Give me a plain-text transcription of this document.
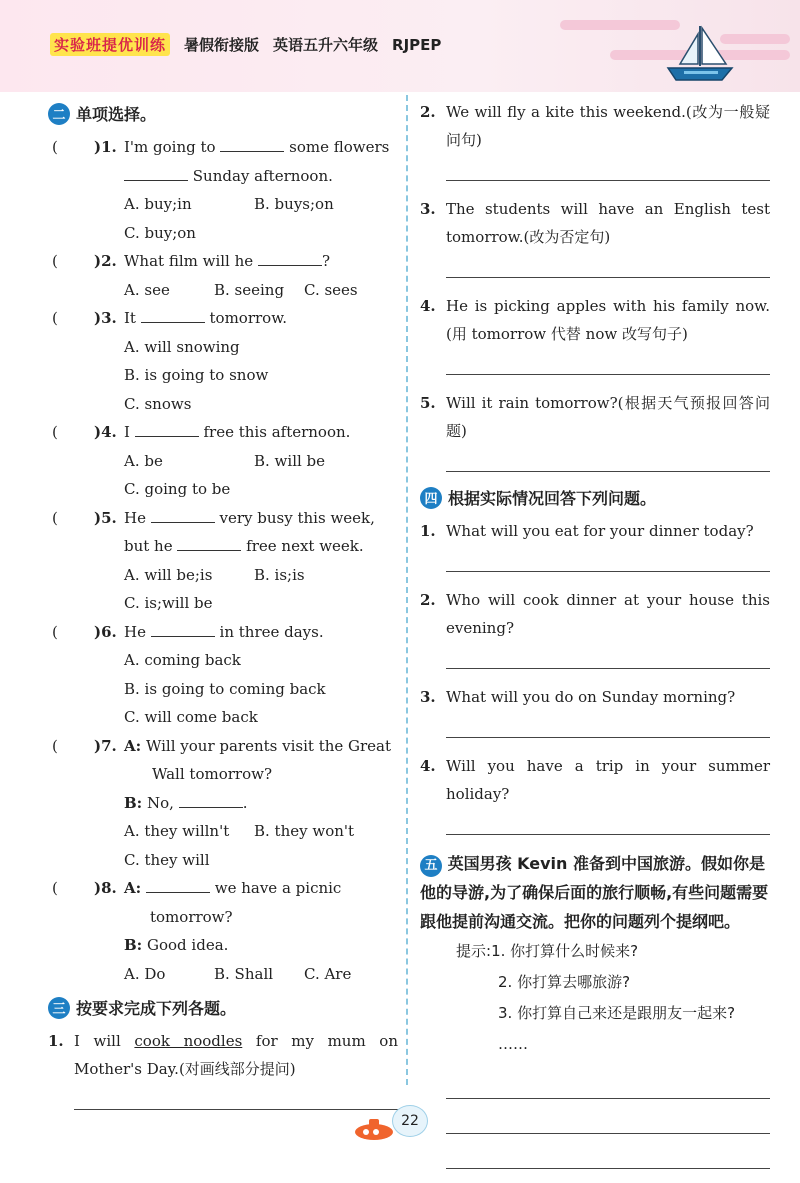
实验班提优训练 暑假衔接版 英语五升六年级 RJPEP
二 单项选择。
( )1. I'm going to	some flowers
Sunday afternoon.
A. buy;in	B. buys;on
C. buy;on
( )2. What film will he	?
A. see	B. seeing C. sees
( )3. It	tomorrow.
A. will snowing
B. is going to snow
C. snows
( )4. I	free this afternoon.
A. be	B. will be
C. going to be
( )5. He	very busy this week,
but he	free next week.
A. will be;is	B. is;is
C. is;will be
( )6. He	in three days.
A. coming back
B. is going to coming back
C. will come back
( )7. A: Will your parents visit the Great
Wall tomorrow?
B: No,	.
A. they willn't B. they won't
C. they will
( )8. A:	we have a picnic
tomorrow?
B: Good idea.
A. Do	B. Shall C. Are
三 按要求完成下列各题。
1. I will cook noodles for my mum on Mother's Day.(对画线部分提问)
2. We will fly a kite this weekend.(改为一般疑问句)
3. The students will have an English test tomorrow.(改为否定句)
4. He is picking apples with his family now.(用 tomorrow 代替 now 改写句子)
5. Will it rain tomorrow?(根据天气预报回答问题)
四 根据实际情况回答下列问题。
1. What will you eat for your dinner today?
2. Who will cook dinner at your house this evening?
3. What will you do on Sunday morning?
4. Will you have a trip in your summer holiday?
五 英国男孩 Kevin 准备到中国旅游。假如你是他的导游,为了确保后面的旅行顺畅,有些问题需要跟他提前沟通交流。把你的问题列个提纲吧。
提示:1. 你打算什么时候来?
2. 你打算去哪旅游?
3. 你打算自己来还是跟朋友一起来?
……
22
